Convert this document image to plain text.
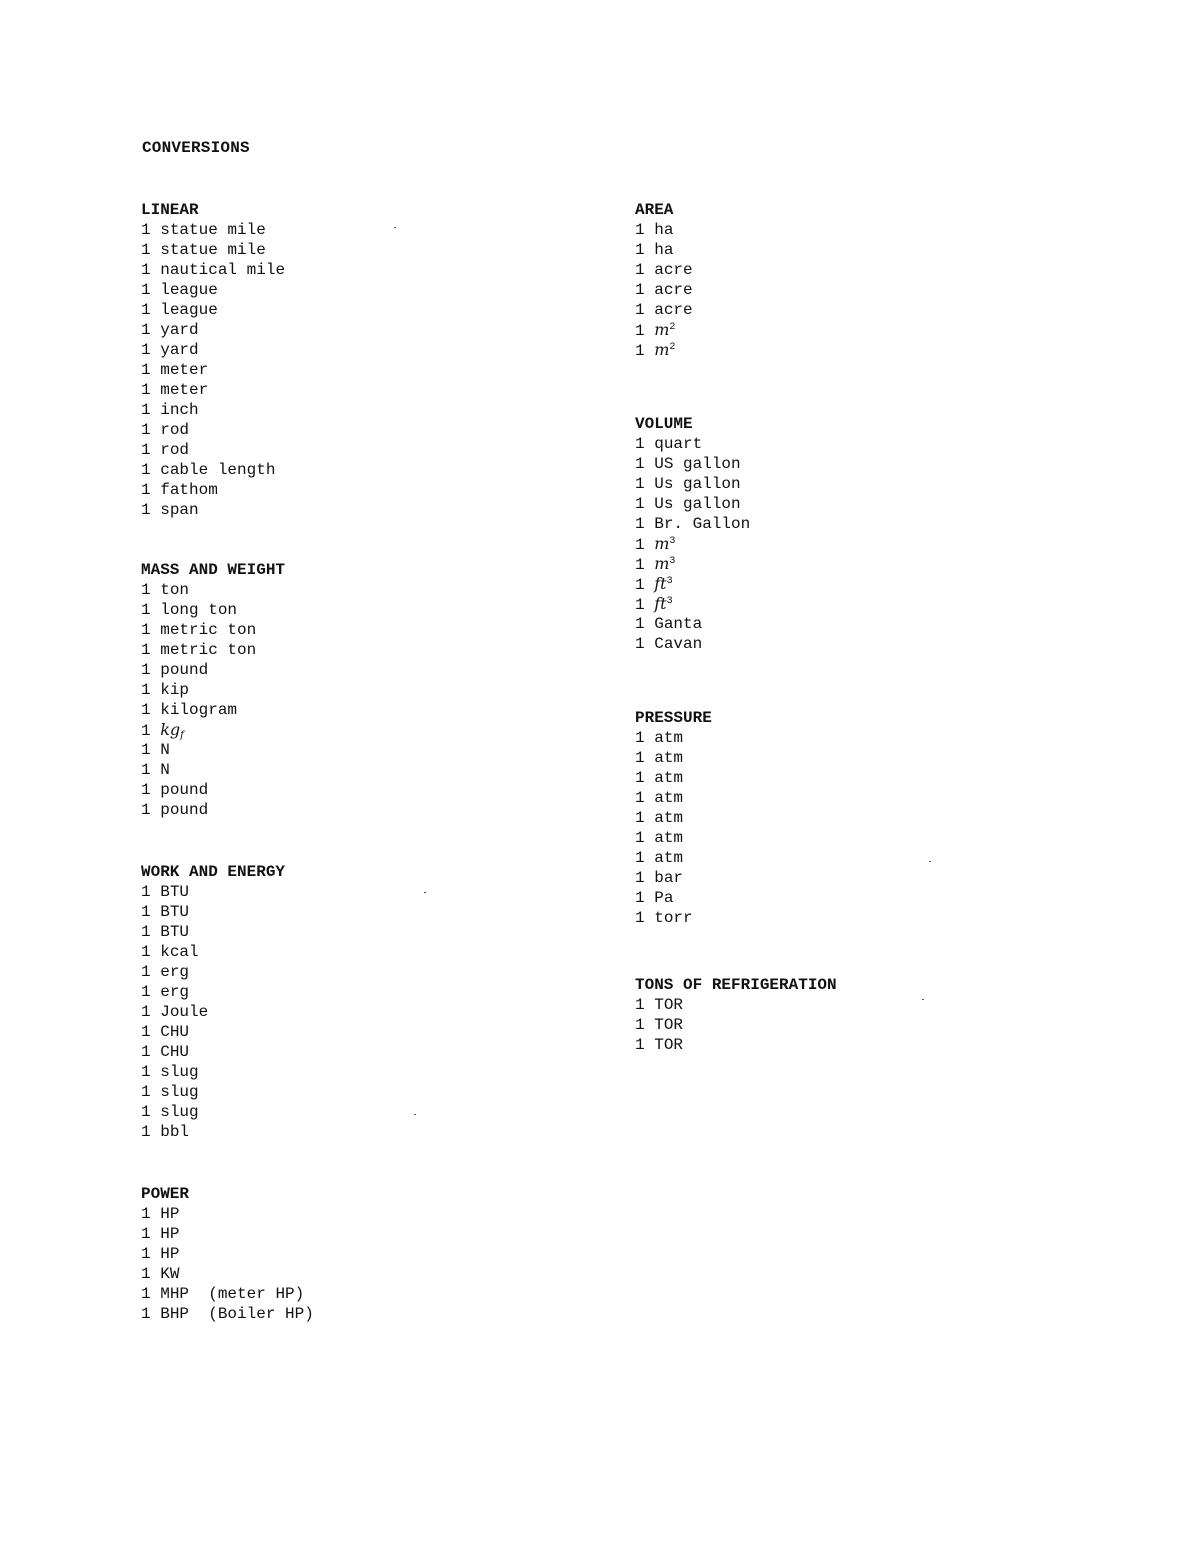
CONVERSIONS
LINEAR
1 statue mile
1 statue mile
1 nautical mile
1 league
1 league
1 yard
1 yard
1 meter
1 meter
1 inch
1 rod
1 rod
1 cable length
1 fathom
1 span
MASS AND WEIGHT
1 ton
1 long ton
1 metric ton
1 metric ton
1 pound
1 kip
1 kilogram
1 $kg_f$
1 N
1 N
1 pound
1 pound
WORK AND ENERGY
1 BTU
1 BTU
1 BTU
1 kcal
1 erg
1 erg
1 Joule
1 CHU
1 CHU
1 slug
1 slug
1 slug
1 bbl
POWER
1 HP
1 HP
1 HP
1 KW
1 MHP  (meter HP)
1 BHP  (Boiler HP)
AREA
1 ha
1 ha
1 acre
1 acre
1 acre
1 $m^2$
1 $m^2$
VOLUME
1 quart
1 US gallon
1 Us gallon
1 Us gallon
1 Br. Gallon
1 $m^3$
1 $m^3$
1 $ft^3$
1 $ft^3$
1 Ganta
1 Cavan
PRESSURE
1 atm
1 atm
1 atm
1 atm
1 atm
1 atm
1 atm
1 bar
1 Pa
1 torr
TONS OF REFRIGERATION
1 TOR
1 TOR
1 TOR
